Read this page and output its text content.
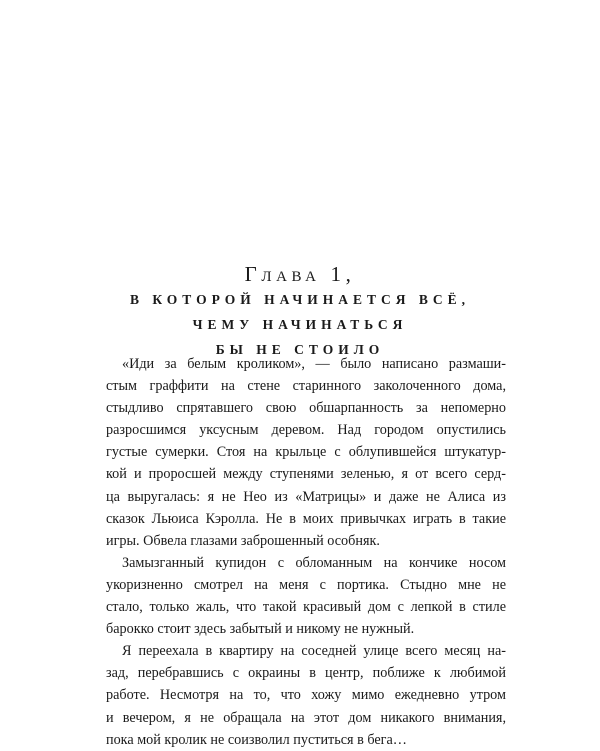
Глава 1,
В КОТОРОЙ НАЧИНАЕТСЯ ВСЁ,
ЧЕМУ НАЧИНАТЬСЯ
БЫ НЕ СТОИЛО
«Иди за белым кроликом», — было написано размаши-
стым граффити на стене старинного заколоченного дома,
стыдливо спрятавшего свою обшарпанность за непомерно
разросшимся уксусным деревом. Над городом опустились
густые сумерки. Стоя на крыльце с облупившейся штукатур-
кой и проросшей между ступенями зеленью, я от всего серд-
ца выругалась: я не Нео из «Матрицы» и даже не Алиса из
сказок Льюиса Кэролла. Не в моих привычках играть в такие
игры. Обвела глазами заброшенный особняк.
Замызганный купидон с обломанным на кончике носом
укоризненно смотрел на меня с портика. Стыдно мне не
стало, только жаль, что такой красивый дом с лепкой в стиле
барокко стоит здесь забытый и никому не нужный.
Я переехала в квартиру на соседней улице всего месяц на-
зад, перебравшись с окраины в центр, поближе к любимой
работе. Несмотря на то, что хожу мимо ежедневно утром
и вечером, я не обращала на этот дом никакого внимания,
пока мой кролик не соизволил пуститься в бега…
